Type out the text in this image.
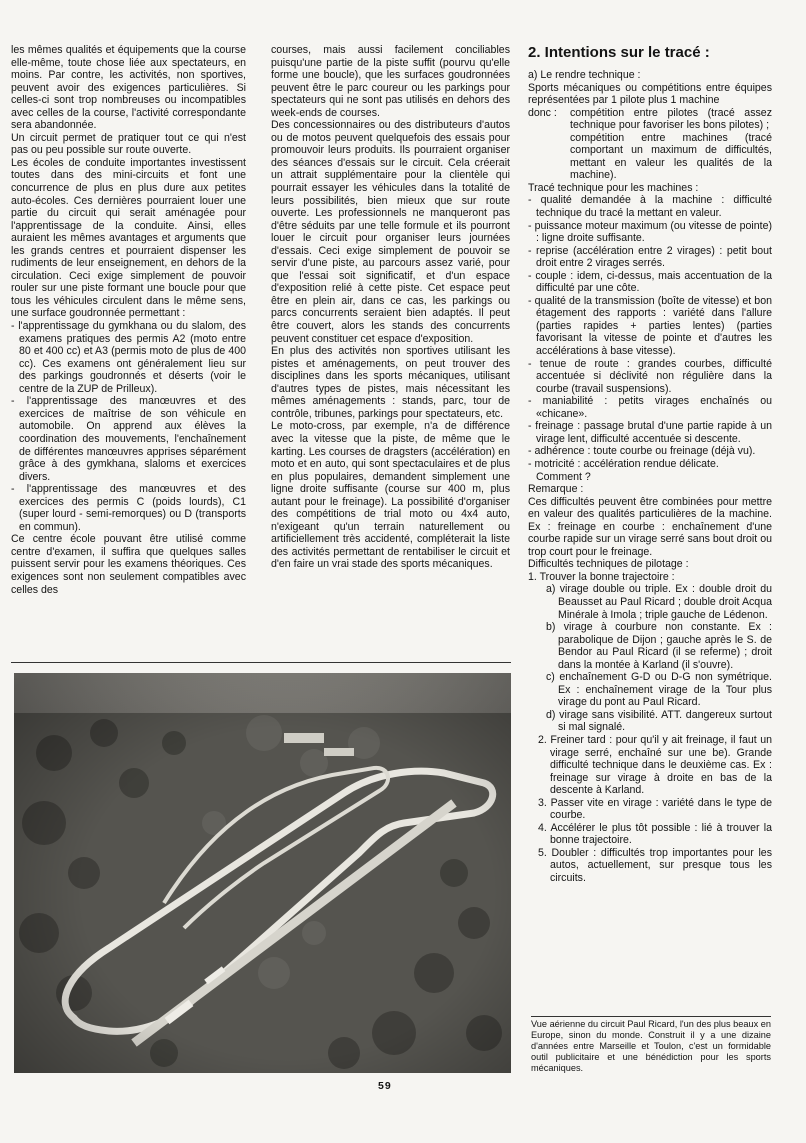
les mêmes qualités et équipements que la course elle-même, toute chose liée aux spectateurs, en moins. Par contre, les activités, non sportives, peuvent avoir des exigences particulières. Si celles-ci sont trop nombreuses ou incompatibles avec celles de la course, l'activité correspondante sera abandonnée.

Un circuit permet de pratiquer tout ce qui n'est pas ou peu possible sur route ouverte.

Les écoles de conduite importantes investissent toutes dans des mini-circuits et font une concurrence de plus en plus dure aux petites auto-écoles. Ces dernières pourraient louer une partie du circuit qui serait aménagée pour l'apprentissage de la conduite. Ainsi, elles auraient les mêmes avantages et arguments que les grands centres et pourraient dispenser les rudiments de leur enseignement, en dehors de la circulation. Ceci exige simplement de pouvoir rouler sur une piste formant une boucle pour que tous les véhicules circulent dans le même sens, une surface goudronnée permettant :

- l'apprentissage du gymkhana ou du slalom, des examens pratiques des permis A2 (moto entre 80 et 400 cc) et A3 (permis moto de plus de 400 cc). Ces examens ont généralement lieu sur des parkings goudronnés et déserts (voir le centre de la ZUP de Prilleux).

- l'apprentissage des manœuvres et des exercices de maîtrise de son véhicule en automobile. On apprend aux élèves la coordination des mouvements, l'enchaînement de différentes manœuvres apprises séparément grâce à des gymkhana, slaloms et exercices divers.

- l'apprentissage des manœuvres et des exercices des permis C (poids lourds), C1 (super lourd - semi-remorques) ou D (transports en commun).

Ce centre école pouvant être utilisé comme centre d'examen, il suffira que quelques salles puissent servir pour les examens théoriques. Ces exigences sont non seulement compatibles avec celles des

courses, mais aussi facilement conciliables puisqu'une partie de la piste suffit (pourvu qu'elle forme une boucle), que les surfaces goudronnées peuvent être le parc coureur ou les parkings pour spectateurs qui ne sont pas utilisés en dehors des week-ends de courses.

Des concessionnaires ou des distributeurs d'autos ou de motos peuvent quelquefois des essais pour promouvoir leurs produits. Ils pourraient organiser des séances d'essais sur le circuit. Cela créerait un attrait supplémentaire pour la clientèle qui pourrait essayer les véhicules dans la totalité de leurs possibilités, bien mieux que sur route ouverte. Les professionnels ne manqueront pas d'être séduits par une telle formule et ils pourront louer le circuit pour organiser leurs journées d'essais. Ceci exige simplement de pouvoir se servir d'une piste, au parcours assez varié, pour que l'essai soit significatif, et d'un espace d'exposition relié à cette piste. Cet espace peut être en plein air, dans ce cas, les parkings ou parcs concurrents seraient bien adaptés. Il peut être couvert, alors les stands des concurrents peuvent constituer cet espace d'exposition.

En plus des activités non sportives utilisant les pistes et aménagements, on peut trouver des disciplines dans les sports mécaniques, utilisant d'autres types de pistes, mais nécessitant les mêmes aménagements : stands, parc, tour de contrôle, tribunes, parkings pour spectateurs, etc.

Le moto-cross, par exemple, n'a de différence avec la vitesse que la piste, de même que le karting. Les courses de dragsters (accélération) en moto et en auto, qui sont spectaculaires et de plus en plus populaires, demandent simplement une ligne droite suffisante (course sur 400 m, plus autant pour le freinage). La possibilité d'organiser des compétitions de trial moto ou 4x4 auto, n'exigeant qu'un terrain naturellement ou artificiellement très accidenté, compléterait la liste des activités permettant de rentabiliser le circuit et d'en faire un vrai stade des sports mécaniques.

2. Intentions sur le tracé :

a) Le rendre technique :

Sports mécaniques ou compétitions entre équipes représentées par 1 pilote plus 1 machine

donc :	compétition entre pilotes (tracé assez technique pour favoriser les bons pilotes) ;
compétition entre machines (tracé comportant un maximum de difficultés, mettant en valeur les qualités de la machine).

Tracé technique pour les machines :

- qualité demandée à la machine : difficulté technique du tracé la mettant en valeur.

- puissance moteur maximum (ou vitesse de pointe) : ligne droite suffisante.

- reprise (accélération entre 2 virages) : petit bout droit entre 2 virages serrés.

- couple : idem, ci-dessus, mais accentuation de la difficulté par une côte.

- qualité de la transmission (boîte de vitesse) et bon étagement des rapports : variété dans l'allure (parties rapides + parties lentes) (parties favorisant la vitesse de pointe et d'autres les accélérations à base vitesse).

- tenue de route : grandes courbes, difficulté accentuée si déclivité non régulière dans la courbe (travail suspensions).

- maniabilité : petits virages enchaînés ou «chicane».

- freinage : passage brutal d'une partie rapide à un virage lent, difficulté accentuée si descente.

- adhérence : toute courbe ou freinage (déjà vu).

- motricité : accélération rendue délicate.

Comment ?

Remarque :

Ces difficultés peuvent être combinées pour mettre en valeur des qualités particulières de la machine. Ex : freinage en courbe : enchaînement d'une courbe rapide sur un virage serré sans bout droit ou trop court pour le freinage.

Difficultés techniques de pilotage :

1. Trouver la bonne trajectoire :

a) virage double ou triple. Ex : double droit du Beausset au Paul Ricard ; double droit Acqua Minérale à Imola ; triple gauche de Lédenon.

b) virage à courbure non constante. Ex : parabolique de Dijon ; gauche après le S. de Bendor au Paul Ricard (il se referme) ; droit dans la montée à Karland (il s'ouvre).

c) enchaînement G-D ou D-G non symétrique. Ex : enchaînement virage de la Tour plus virage du pont au Paul Ricard.

d) virage sans visibilité. ATT. dangereux surtout si mal signalé.

2. Freiner tard : pour qu'il y ait freinage, il faut un virage serré, enchaîné sur une be). Grande difficulté technique dans le deuxième cas. Ex : freinage sur virage à droite en bas de la descente à Karland.

3. Passer vite en virage : variété dans le type de courbe.

4. Accélérer le plus tôt possible : lié à trouver la bonne trajectoire.

5. Doubler : difficultés trop importantes pour les autos, actuellement, sur presque tous les circuits.

Vue aérienne du circuit Paul Ricard, l'un des plus beaux en Europe, sinon du monde. Construit il y a une dizaine d'années entre Marseille et Toulon, c'est un formidable outil publicitaire et une bénédiction pour les sports mécaniques.
59
